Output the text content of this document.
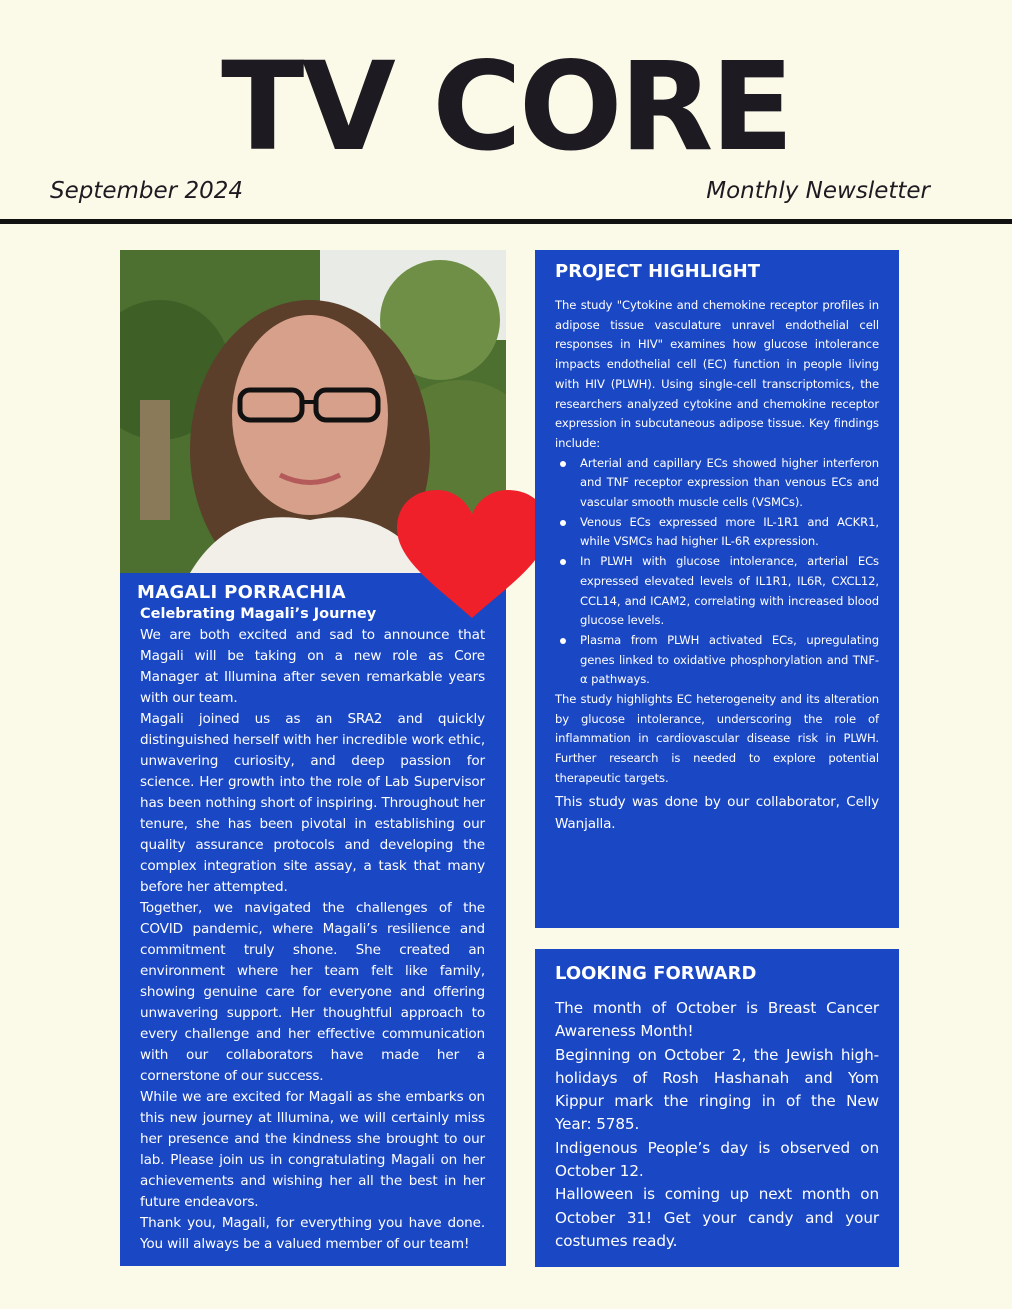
TV CORE
September 2024	Monthly Newsletter
MAGALI PORRACHIA
Celebrating Magali’s Journey

We are both excited and sad to announce that Magali will be taking on a new role as Core Manager at Illumina after seven remarkable years with our team.

Magali joined us as an SRA2 and quickly distinguished herself with her incredible work ethic, unwavering curiosity, and deep passion for science. Her growth into the role of Lab Supervisor has been nothing short of inspiring. Throughout her tenure, she has been pivotal in establishing our quality assurance protocols and developing the complex integration site assay, a task that many before her attempted.

Together, we navigated the challenges of the COVID pandemic, where Magali’s resilience and commitment truly shone. She created an environment where her team felt like family, showing genuine care for everyone and offering unwavering support. Her thoughtful approach to every challenge and her effective communication with our collaborators have made her a cornerstone of our success.

While we are excited for Magali as she embarks on this new journey at Illumina, we will certainly miss her presence and the kindness she brought to our lab. Please join us in congratulating Magali on her achievements and wishing her all the best in her future endeavors.

Thank you, Magali, for everything you have done. You will always be a valued member of our team!

PROJECT HIGHLIGHT

The study "Cytokine and chemokine receptor profiles in adipose tissue vasculature unravel endothelial cell responses in HIV" examines how glucose intolerance impacts endothelial cell (EC) function in people living with HIV (PLWH). Using single-cell transcriptomics, the researchers analyzed cytokine and chemokine receptor expression in subcutaneous adipose tissue. Key findings include:

Arterial and capillary ECs showed higher interferon and TNF receptor expression than venous ECs and vascular smooth muscle cells (VSMCs).
Venous ECs expressed more IL-1R1 and ACKR1, while VSMCs had higher IL-6R expression.
In PLWH with glucose intolerance, arterial ECs expressed elevated levels of IL1R1, IL6R, CXCL12, CCL14, and ICAM2, correlating with increased blood glucose levels.
Plasma from PLWH activated ECs, upregulating genes linked to oxidative phosphorylation and TNF-α pathways.

The study highlights EC heterogeneity and its alteration by glucose intolerance, underscoring the role of inflammation in cardiovascular disease risk in PLWH. Further research is needed to explore potential therapeutic targets.

This study was done by our collaborator, Celly Wanjalla.

LOOKING FORWARD

The month of October is Breast Cancer Awareness Month!

Beginning on October 2, the Jewish high-holidays of Rosh Hashanah and Yom Kippur mark the ringing in of the New Year: 5785.

Indigenous People’s day is observed on October 12.

Halloween is coming up next month on October 31! Get your candy and your costumes ready.
